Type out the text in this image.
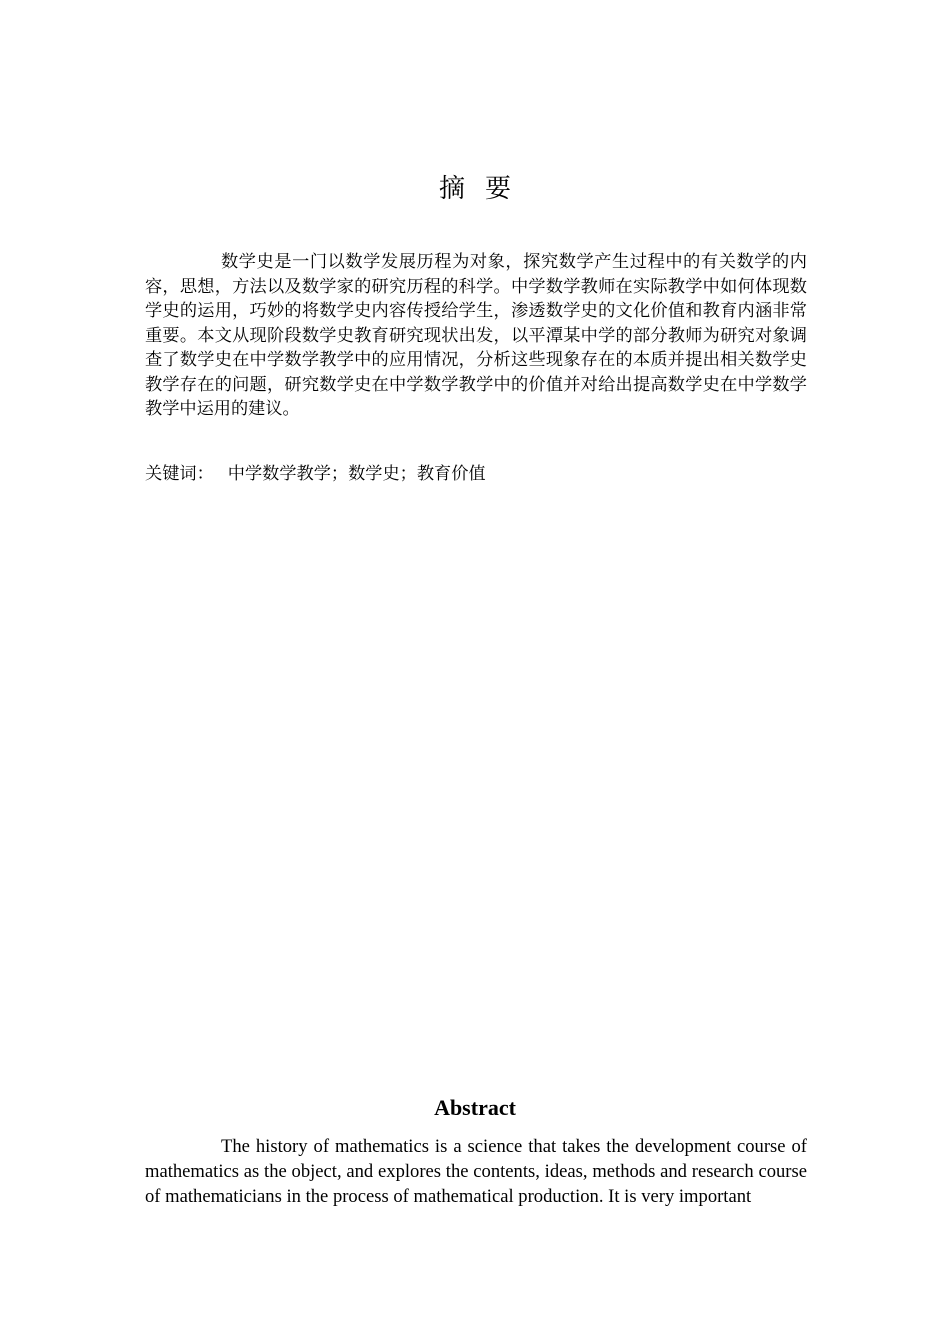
摘要

数学史是一门以数学发展历程为对象，探究数学产生过程中的有关数学的内容，思想，方法以及数学家的研究历程的科学。中学数学教师在实际教学中如何体现数学史的运用，巧妙的将数学史内容传授给学生，渗透数学史的文化价值和教育内涵非常重要。本文从现阶段数学史教育研究现状出发，以平潭某中学的部分教师为研究对象调查了数学史在中学数学教学中的应用情况，分析这些现象存在的本质并提出相关数学史教学存在的问题，研究数学史在中学数学教学中的价值并对给出提高数学史在中学数学教学中运用的建议。

关键词： 中学数学教学；数学史；教育价值
Abstract

The history of mathematics is a science that takes the development course of mathematics as the object, and explores the contents, ideas, methods and research course of mathematicians in the process of mathematical production. It is very important
